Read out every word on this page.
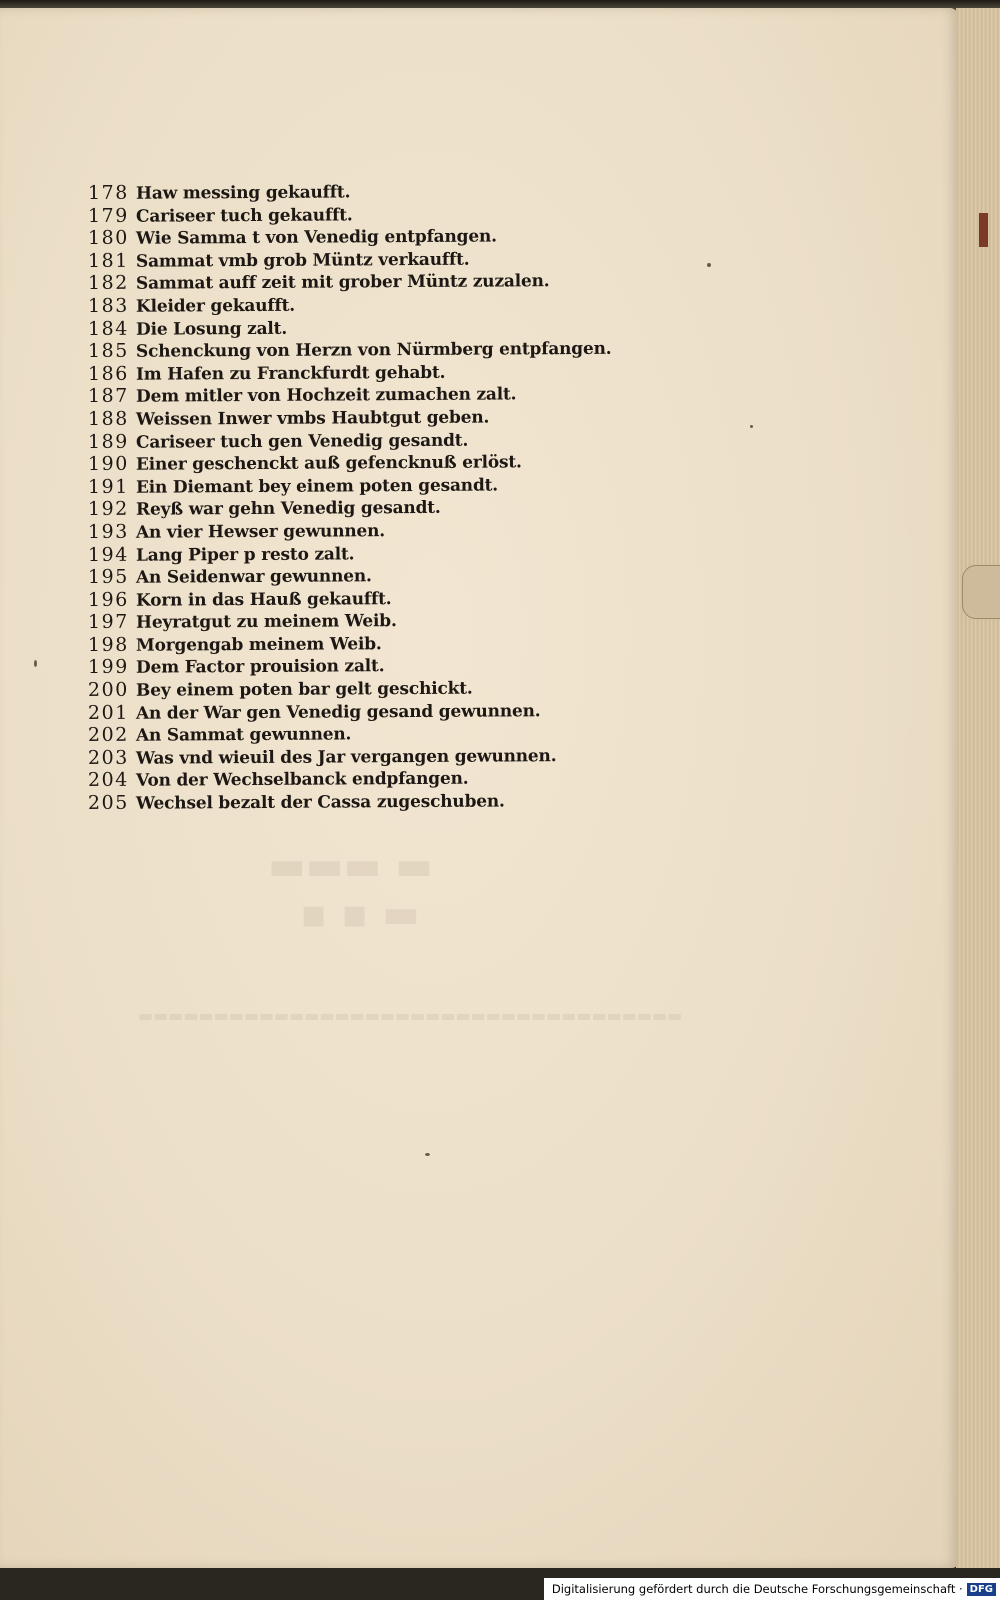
▬▬▬ ▬
▪ ▪ ▬
▬▬▬▬▬▬▬▬▬▬▬▬▬▬▬▬▬▬▬▬▬▬▬▬▬▬▬▬▬▬▬▬▬▬▬▬
178 Haw messing gekaufft.
179 Cariseer tuch gekaufft.
180 Wie Samma t von Venedig entpfangen.
181 Sammat vmb grob Müntz verkaufft.
182 Sammat auff zeit mit grober Müntz zuzalen.
183 Kleider gekaufft.
184 Die Losung zalt.
185 Schenckung von Herzn von Nürmberg entpfangen.
186 Im Hafen zu Franckfurdt gehabt.
187 Dem mitler von Hochzeit zumachen zalt.
188 Weissen Inwer vmbs Haubtgut geben.
189 Cariseer tuch gen Venedig gesandt.
190 Einer geschenckt auß gefencknuß erlöst.
191 Ein Diemant bey einem poten gesandt.
192 Reyß war gehn Venedig gesandt.
193 An vier Hewser gewunnen.
194 Lang Piper p resto zalt.
195 An Seidenwar gewunnen.
196 Korn in das Hauß gekaufft.
197 Heyratgut zu meinem Weib.
198 Morgengab meinem Weib.
199 Dem Factor prouision zalt.
200 Bey einem poten bar gelt geschickt.
201 An der War gen Venedig gesand gewunnen.
202 An Sammat gewunnen.
203 Was vnd wieuil des Jar vergangen gewunnen.
204 Von der Wechselbanck endpfangen.
205 Wechsel bezalt der Cassa zugeschuben.
Digitalisierung gefördert durch die Deutsche Forschungsgemeinschaft · DFG
